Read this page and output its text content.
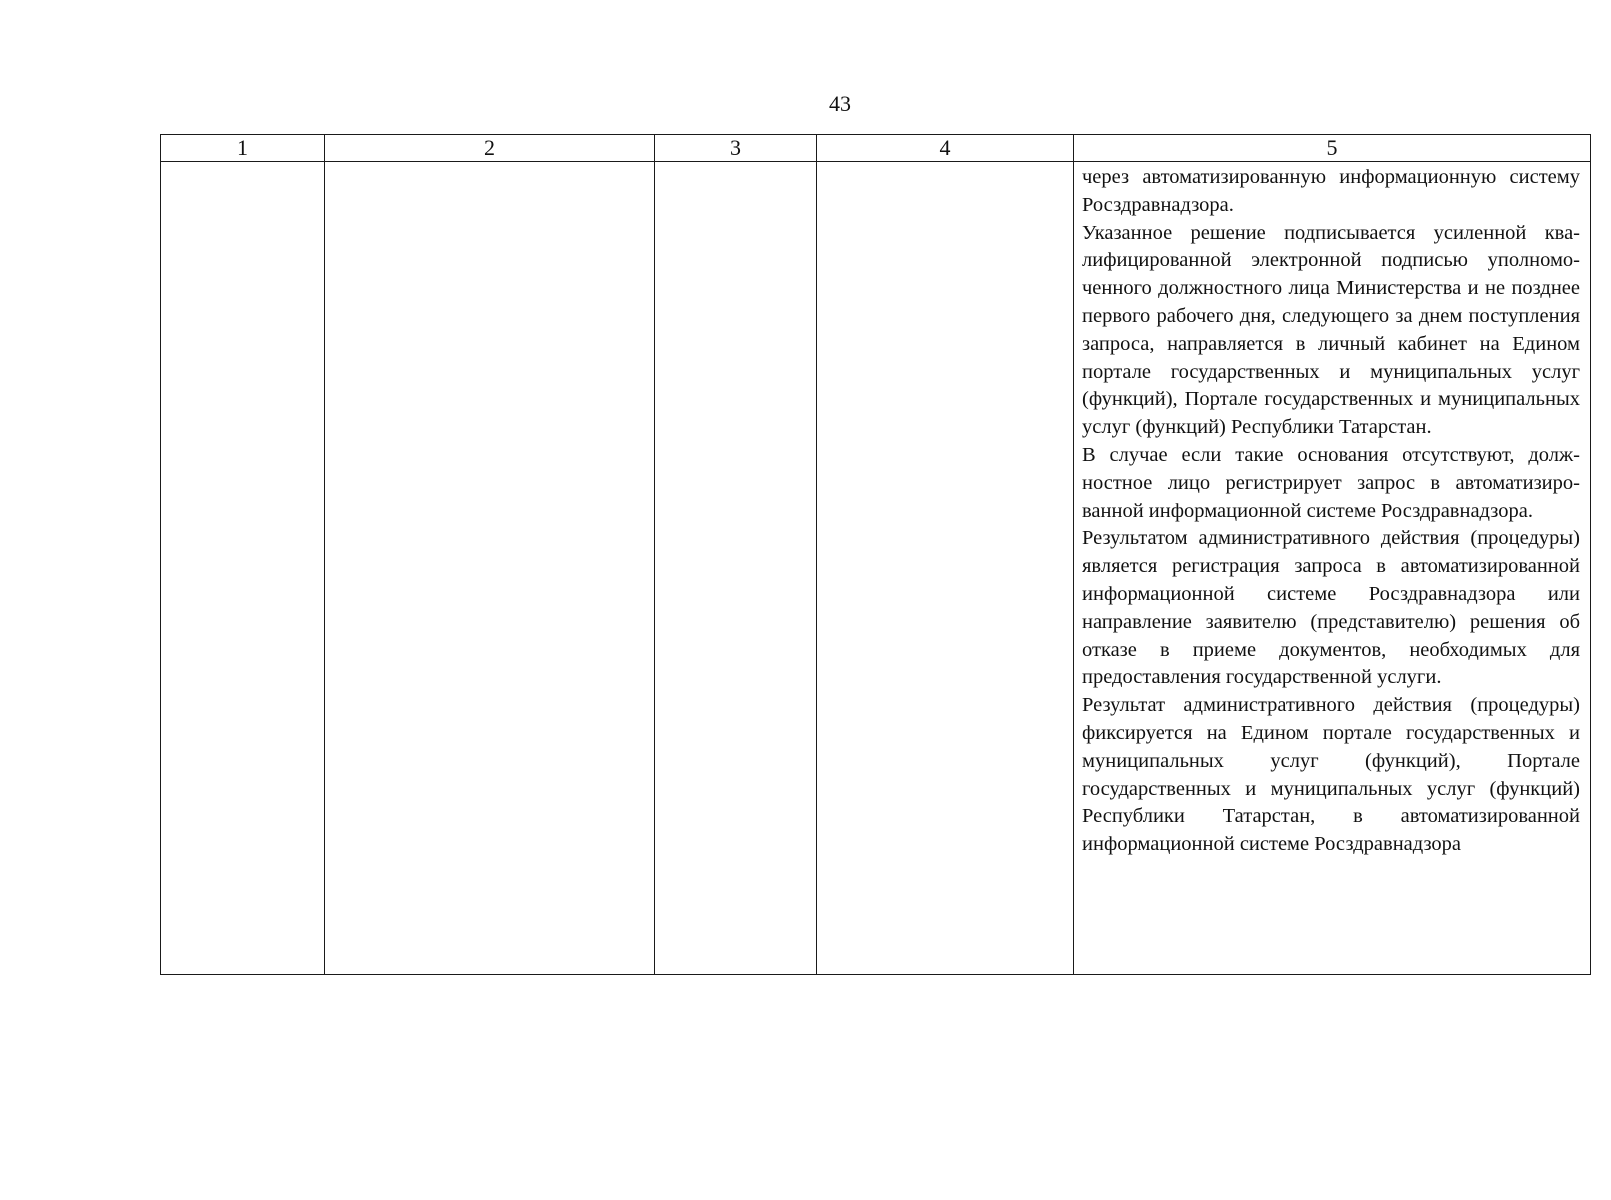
43
1	2	3	4	5

				через автоматизированную информационную систему Росздравнадзора.

Указанное решение подписывается усиленной квалифицированной электронной подписью уполномоченного должностного лица Министерства и не позднее первого рабочего дня, следующего за днем поступления запроса, направляется в личный кабинет на Едином портале государственных и муниципальных услуг (функций), Портале государственных и муниципальных услуг (функций) Республики Татарстан.

В случае если такие основания отсутствуют, должностное лицо регистрирует запрос в автоматизированной информационной системе Росздравнадзора.

Результатом административного действия (процедуры) является регистрация запроса в автоматизированной информационной системе Росздравнадзора или направление заявителю (представителю) решения об отказе в приеме документов, необходимых для предоставления государственной услуги.

Результат административного действия (процедуры) фиксируется на Едином портале государственных и муниципальных услуг (функций), Портале государственных и муниципальных услуг (функций) Республики Татарстан, в автоматизированной информационной системе Росздравнадзора
